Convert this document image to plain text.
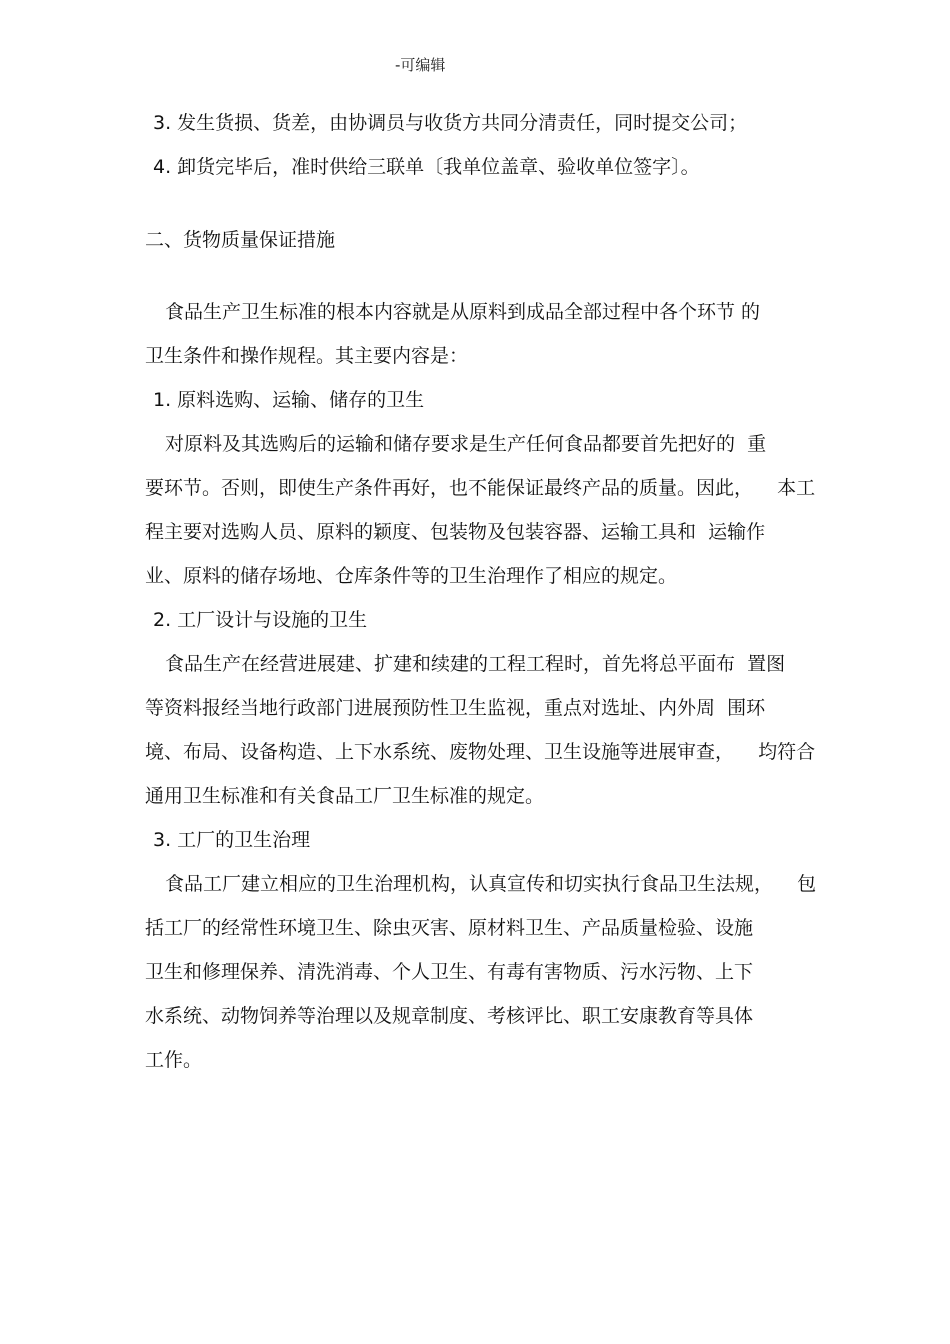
-可编辑

3. 发生货损、货差，由协调员与收货方共同分清责任，同时提交公司；

4. 卸货完毕后，准时供给三联单〔我单位盖章、验收单位签字〕。

二、货物质量保证措施

食品生产卫生标准的根本内容就是从原料到成品全部过程中各个环节 的

卫生条件和操作规程。其主要内容是：

1. 原料选购、运输、储存的卫生

对原料及其选购后的运输和储存要求是生产任何食品都要首先把好的  重

要环节。否则，即使生产条件再好，也不能保证最终产品的质量。因此，    本工

程主要对选购人员、原料的颖度、包装物及包装容器、运输工具和  运输作

业、原料的储存场地、仓库条件等的卫生治理作了相应的规定。

2. 工厂设计与设施的卫生

食品生产在经营进展建、扩建和续建的工程工程时，首先将总平面布  置图

等资料报经当地行政部门进展预防性卫生监视，重点对选址、内外周  围环

境、布局、设备构造、上下水系统、废物处理、卫生设施等进展审查，    均符合

通用卫生标准和有关食品工厂卫生标准的规定。

3. 工厂的卫生治理

食品工厂建立相应的卫生治理机构，认真宣传和切实执行食品卫生法规，    包

括工厂的经常性环境卫生、除虫灭害、原材料卫生、产品质量检验、设施

卫生和修理保养、清洗消毒、个人卫生、有毒有害物质、污水污物、上下

水系统、动物饲养等治理以及规章制度、考核评比、职工安康教育等具体

工作。
